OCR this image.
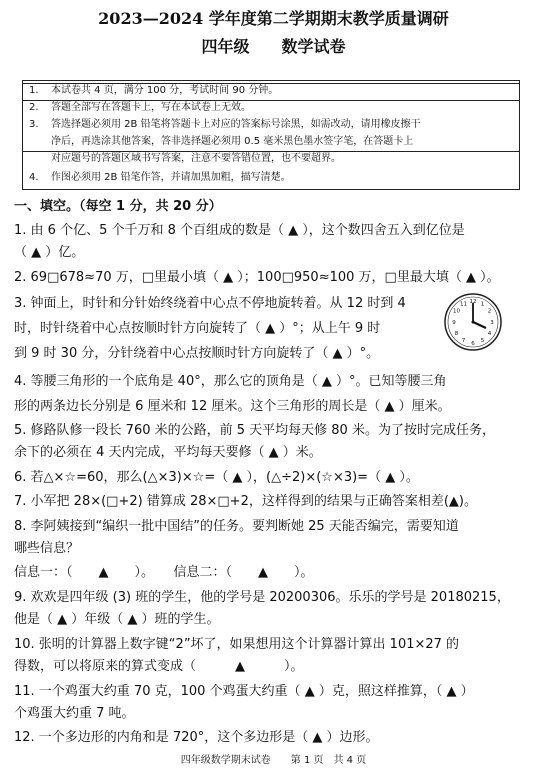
2023—2024 学年度第二学期期末教学质量调研
四年级　　数学试卷
1. 本试卷共 4 页，满分 100 分，考试时间 90 分钟。
2. 答题全部写在答题卡上，写在本试卷上无效。
3. 答选择题必须用 2B 铅笔将答题卡上对应的答案标号涂黑，如需改动，请用橡皮擦干
净后，再选涂其他答案，答非选择题必须用 0.5 毫米黑色墨水签字笔，在答题卡上
对应题号的答题区域书写答案，注意不要答错位置，也不要超界。
4. 作图必须用 2B 铅笔作答，并请加黑加粗，描写清楚。
一、填空。（每空 1 分，共 20 分）
1. 由 6 个亿、5 个千万和 8 个百组成的数是（ ▲ ），这个数四舍五入到亿位是
（ ▲ ）亿。
2. 69□678≈70 万，□里最小填（ ▲ ）；100□950≈100 万，□里最大填（ ▲ ）。
3. 钟面上，时针和分针始终绕着中心点不停地旋转着。从 12 时到 4
时，时针绕着中心点按顺时针方向旋转了（ ▲ ）°；从上午 9 时
到 9 时 30 分，分针绕着中心点按顺时针方向旋转了（ ▲ ）°。
12 1
2
3
4
5
6
7
8
9
10
11
4. 等腰三角形的一个底角是 40°，那么它的顶角是（ ▲ ）°。已知等腰三角
形的两条边长分别是 6 厘米和 12 厘米。这个三角形的周长是（ ▲ ）厘米。
5. 修路队修一段长 760 米的公路，前 5 天平均每天修 80 米。为了按时完成任务，
余下的必须在 4 天内完成，平均每天要修（ ▲ ）米。
6. 若△×☆=60，那么(△×3)×☆=（ ▲ ），(△÷2)×(☆×3)=（ ▲ ）。
7. 小军把 28×(□+2) 错算成 28×□+2，这样得到的结果与正确答案相差(▲)。
8. 李阿姨接到“编织一批中国结”的任务。要判断她 25 天能否编完，需要知道
哪些信息？
信息一：（　　▲　　）。　　信息二：（　　▲　　）。
9. 欢欢是四年级 (3) 班的学生，他的学号是 20200306。乐乐的学号是 20180215，
他是（ ▲ ）年级（ ▲ ）班的学生。
10. 张明的计算器上数字键“2”坏了，如果想用这个计算器计算出 101×27 的
得数，可以将原来的算式变成（　　　▲　　　）。
11. 一个鸡蛋大约重 70 克，100 个鸡蛋大约重（ ▲ ）克，照这样推算，（ ▲ ）
个鸡蛋大约重 7 吨。
12. 一个多边形的内角和是 720°，这个多边形是（ ▲ ）边形。
四年级数学期末试卷　　第 1 页　共 4 页
